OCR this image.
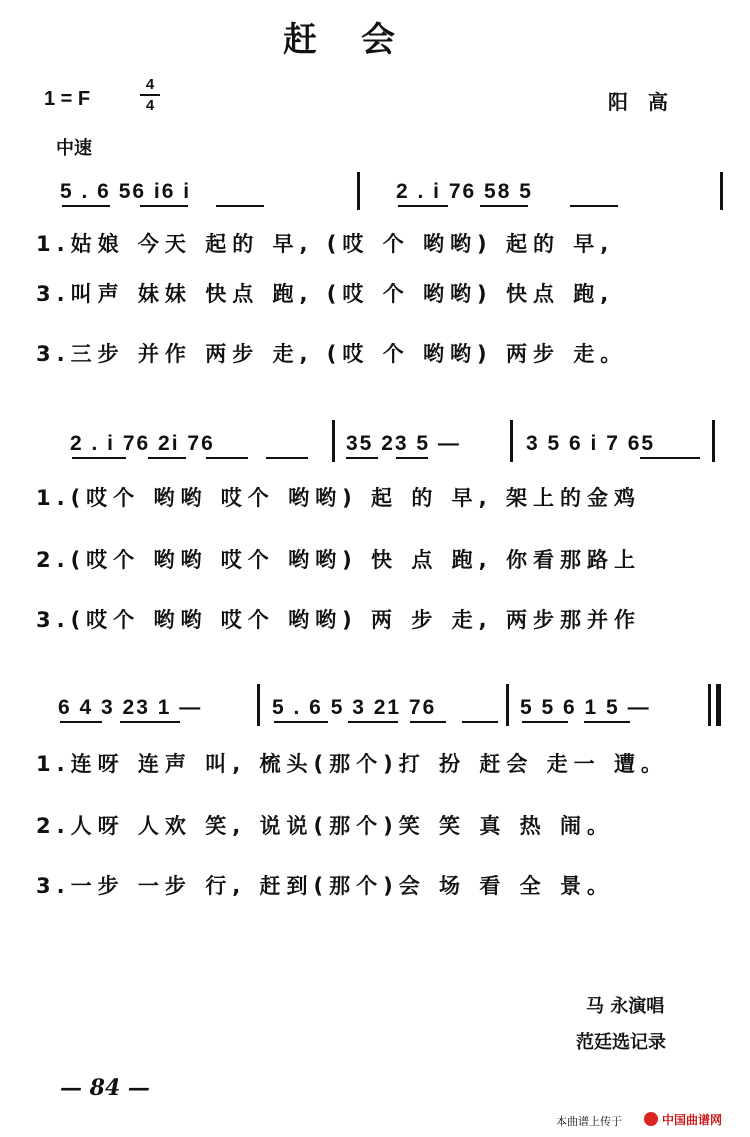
赶会
1 = F
4
4	阳高
中速
5 . 6 56 i6 i	2 . i 76 58 5
1.姑娘 今天 起的 早, (哎 个 哟哟) 起的 早,
3.叫声 妹妹 快点 跑, (哎 个 哟哟) 快点 跑,
3.三步 并作 两步 走, (哎 个 哟哟) 两步 走。
2 . i 76 2i 76	35 23 5 —	3 5 6 i 7 65
1.(哎个 哟哟 哎个 哟哟) 起 的 早, 架上的金鸡
2.(哎个 哟哟 哎个 哟哟) 快 点 跑, 你看那路上
3.(哎个 哟哟 哎个 哟哟) 两 步 走, 两步那并作
6 4 3 23 1 —	5 . 6 5 3 21 76	5 5 6 1 5 —
1.连呀 连声 叫, 梳头(那个)打 扮 赶会 走一 遭。
2.人呀 人欢 笑, 说说(那个)笑 笑 真 热 闹。
3.一步 一步 行, 赶到(那个)会 场 看 全 景。
马 永演唱
范廷选记录
— 84 —
本曲谱上传于	中国曲谱网
